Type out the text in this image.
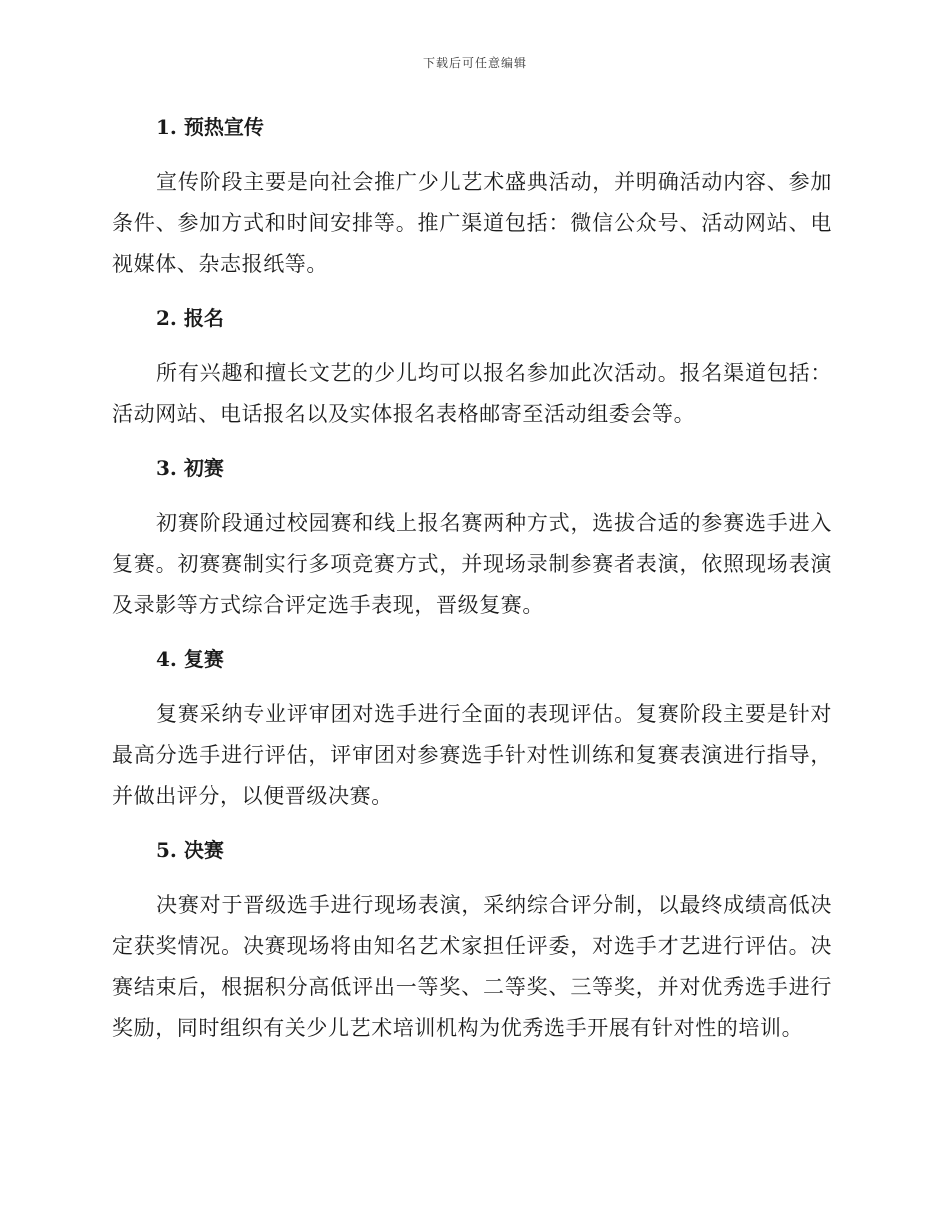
下载后可任意编辑

1. 预热宣传

宣传阶段主要是向社会推广少儿艺术盛典活动，并明确活动内容、参加条件、参加方式和时间安排等。推广渠道包括：微信公众号、活动网站、电视媒体、杂志报纸等。

2. 报名

所有兴趣和擅长文艺的少儿均可以报名参加此次活动。报名渠道包括：活动网站、电话报名以及实体报名表格邮寄至活动组委会等。

3. 初赛

初赛阶段通过校园赛和线上报名赛两种方式，选拔合适的参赛选手进入复赛。初赛赛制实行多项竞赛方式，并现场录制参赛者表演，依照现场表演及录影等方式综合评定选手表现，晋级复赛。

4. 复赛

复赛采纳专业评审团对选手进行全面的表现评估。复赛阶段主要是针对最高分选手进行评估，评审团对参赛选手针对性训练和复赛表演进行指导，并做出评分，以便晋级决赛。

5. 决赛

决赛对于晋级选手进行现场表演，采纳综合评分制，以最终成绩高低决定获奖情况。决赛现场将由知名艺术家担任评委，对选手才艺进行评估。决赛结束后，根据积分高低评出一等奖、二等奖、三等奖，并对优秀选手进行奖励，同时组织有关少儿艺术培训机构为优秀选手开展有针对性的培训。
